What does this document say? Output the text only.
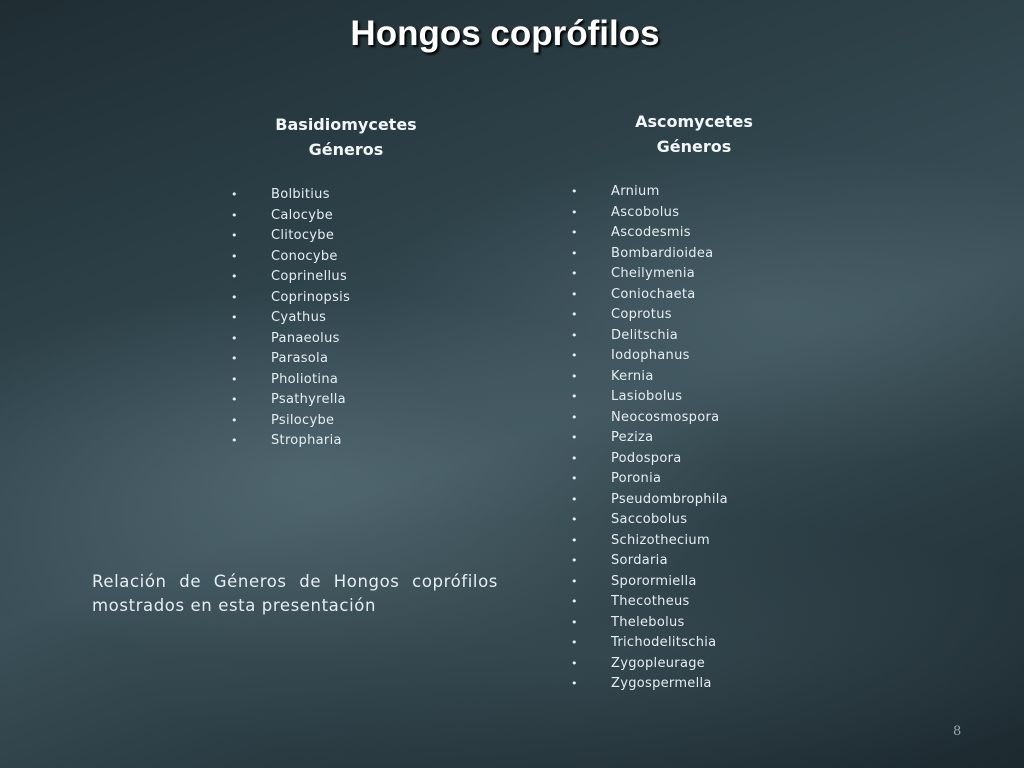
Hongos coprófilos
Basidiomycetes
Géneros
•	Bolbitius
•	Calocybe
•	Clitocybe
•	Conocybe
•	Coprinellus
•	Coprinopsis
•	Cyathus
•	Panaeolus
•	Parasola
•	Pholiotina
•	Psathyrella
•	Psilocybe
•	Stropharia
Ascomycetes
Géneros
•	Arnium
•	Ascobolus
•	Ascodesmis
•	Bombardioidea
•	Cheilymenia
•	Coniochaeta
•	Coprotus
•	Delitschia
•	Iodophanus
•	Kernia
•	Lasiobolus
•	Neocosmospora
•	Peziza
•	Podospora
•	Poronia
•	Pseudombrophila
•	Saccobolus
•	Schizothecium
•	Sordaria
•	Sporormiella
•	Thecotheus
•	Thelebolus
•	Trichodelitschia
•	Zygopleurage
•	Zygospermella
Relación de Géneros de Hongos coprófilos mostrados en esta presentación
8
